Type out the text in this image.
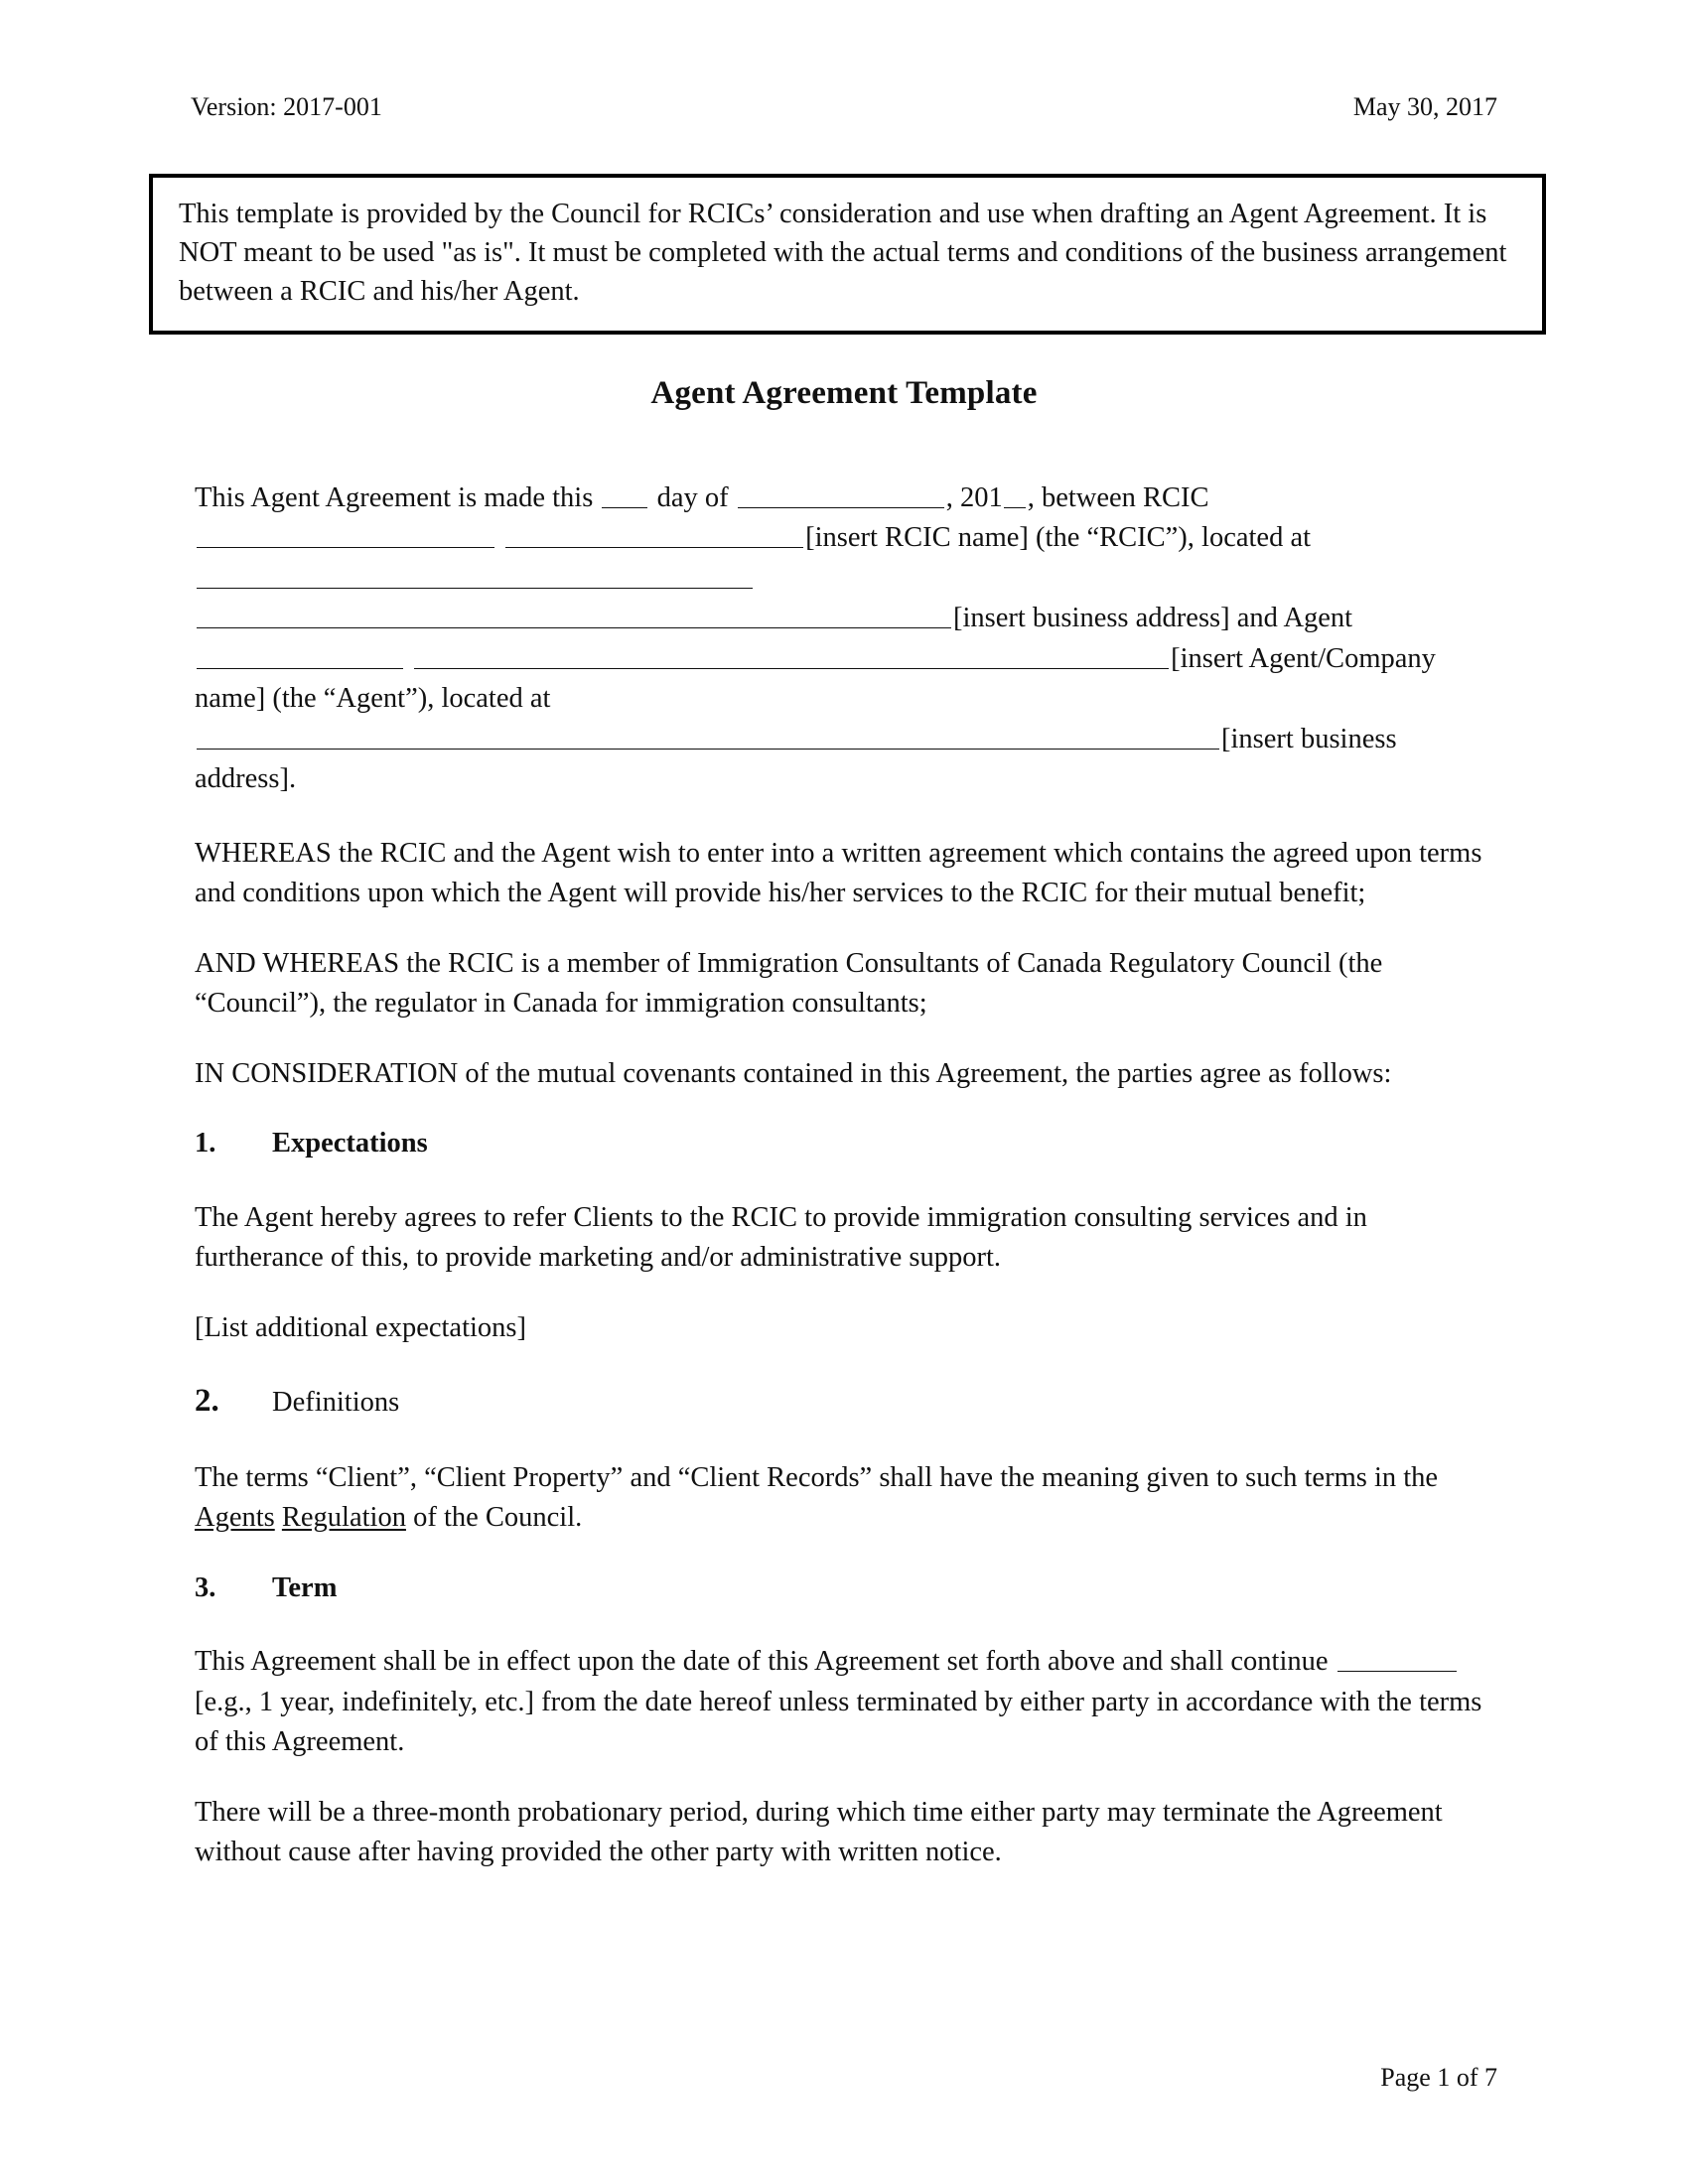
Version: 2017-001	May 30, 2017
This template is provided by the Council for RCICs’ consideration and use when drafting an Agent Agreement. It is NOT meant to be used "as is". It must be completed with the actual terms and conditions of the business arrangement between a RCIC and his/her Agent.
Agent Agreement Template

This Agent Agreement is made this day of	, 201 , between RCIC  [insert RCIC name] (the “RCIC”), located at  [insert business address] and Agent [insert Agent/Company name] (the “Agent”), located at[insert business address].

WHEREAS the RCIC and the Agent wish to enter into a written agreement which contains the agreed upon terms and conditions upon which the Agent will provide his/her services to the RCIC for their mutual benefit;

AND WHEREAS the RCIC is a member of Immigration Consultants of Canada Regulatory Council (the “Council”), the regulator in Canada for immigration consultants;

IN CONSIDERATION of the mutual covenants contained in this Agreement, the parties agree as follows:

1.	Expectations

The Agent hereby agrees to refer Clients to the RCIC to provide immigration consulting services and in furtherance of this, to provide marketing and/or administrative support.

[List additional expectations]

2.	Definitions

The terms “Client”, “Client Property” and “Client Records” shall have the meaning given to such terms in the Agents Regulation of the Council.

3.	Term

This Agreement shall be in effect upon the date of this Agreement set forth above and shall continue  [e.g., 1 year, indefinitely, etc.] from the date hereof unless terminated by either party in accordance with the terms of this Agreement.

There will be a three-month probationary period, during which time either party may terminate the Agreement without cause after having provided the other party with written notice.

Page 1 of 7
